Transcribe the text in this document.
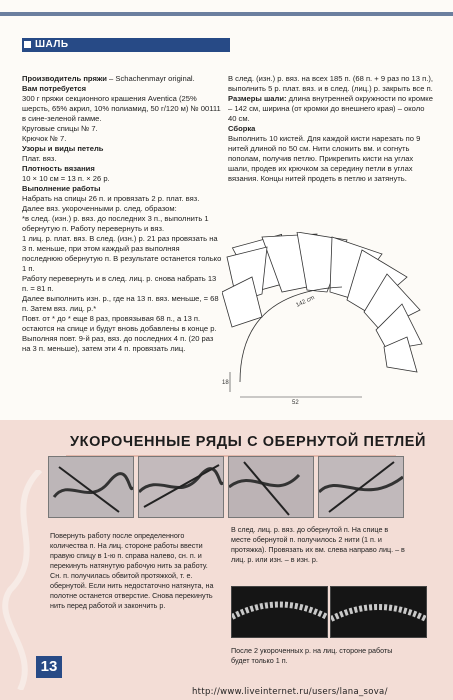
ШАЛЬ

Производитель пряжи – Schachenmayr original.

Вам потребуется

300 г пряжи секционного крашения Aventica (25% шерсть, 65% акрил, 10% полиамид, 50 г/120 м) № 00111 в сине-зеленой гамме.

Круговые спицы № 7.

Крючок № 7.

Узоры и виды петель

Плат. вяз.

Плотность вязания

10 × 10 см = 13 п. × 26 р.

Выполнение работы

Набрать на спицы 26 п. и провязать 2 р. плат. вяз.

Далее вяз. укороченными р. след. образом:

*в след. (изн.) р. вяз. до последних 3 п., выполнить 1 обернутую п. Работу перевернуть и вяз.

1 лиц. р. плат. вяз. В след. (изн.) р. 21 раз провязать на 3 п. меньше, при этом каждый раз выполняя последнюю обернутую п. В результате останется только 1 п.

Работу перевернуть и в след. лиц. р. снова набрать 13 п. = 81 п.

Далее выполнить изн. р., где на 13 п. вяз. меньше, = 68 п. Затем вяз. лиц. р.*

Повт. от * до * еще 8 раз, провязывая 68 п., а 13 п. остаются на спице и будут вновь добавлены в конце р.

Выполняя повт. 9-й раз, вяз. до последних 4 п. (20 раз на 3 п. меньше), затем эти 4 п. провязать лиц.

В след. (изн.) р. вяз. на всех 185 п. (68 п. + 9 раз по 13 п.), выполнить 5 р. плат. вяз. и в след. (лиц.) р. закрыть все п.

Размеры шали: длина внутренней окружности по кромке – 142 см, ширина (от кромки до внешнего края) – около 40 см.

Сборка

Выполнить 10 кистей. Для каждой кисти нарезать по 9 нитей длиной по 50 см. Нити сложить вм. и согнуть пополам, получив петлю. Прикрепить кисти на углах шали, продев их крючком за середину петли в углах вязания. Концы нитей продеть в петлю и затянуть.

142 cm
18
52
УКОРОЧЕННЫЕ РЯДЫ С ОБЕРНУТОЙ ПЕТЛЕЙ
Повернуть работу после определенного количества п. На лиц. стороне работы ввести правую спицу в 1-ю п. справа налево, сн. п. и перекинуть натянутую рабочую нить за работу. Сн. п. получилась обвитой протяжкой, т. е. обернутой. Если нить недостаточно натянута, на полотне останется отверстие. Снова перекинуть нить перед работой и закончить р.
В след. лиц. р. вяз. до обернутой п. На спице в месте обернутой п. получилось 2 нити (1 п. и протяжка). Провязать их вм. слева направо лиц. – в лиц. р. или изн. – в изн. р.
После 2 укороченных р. на лиц. стороне работы будет только 1 п.
13
http://www.liveinternet.ru/users/lana_sova/
